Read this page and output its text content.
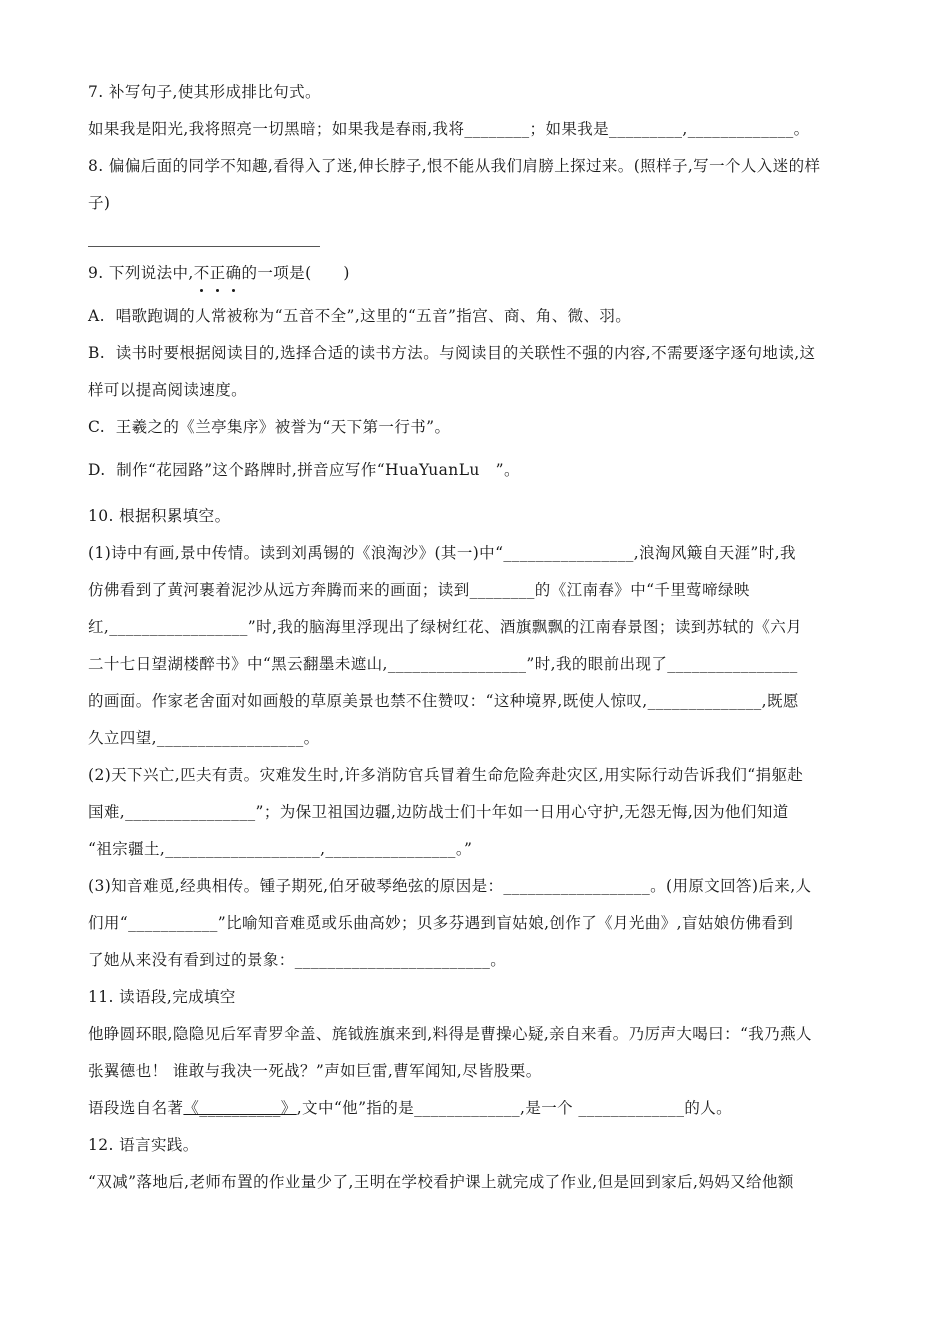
7. 补写句子,使其形成排比句式。
如果我是阳光,我将照亮一切黑暗；如果我是春雨,我将________；如果我是_________,_____________。
8. 偏偏后面的同学不知趣,看得入了迷,伸长脖子,恨不能从我们肩膀上探过来。(照样子,写一个人入迷的样
子)
9. 下列说法中,不正确的一项是(　　)
A.  唱歌跑调的人常被称为“五音不全”,这里的“五音”指宫、商、角、微、羽。
B.  读书时要根据阅读目的,选择合适的读书方法。与阅读目的关联性不强的内容,不需要逐字逐句地读,这
样可以提高阅读速度。
C.  王羲之的《兰亭集序》被誉为“天下第一行书”。
D.  制作“花园路”这个路牌时,拼音应写作“HuaYuanLu　”。
10. 根据积累填空。
(1)诗中有画,景中传情。读到刘禹锡的《浪淘沙》(其一)中“________________,浪淘风簸自天涯”时,我
仿佛看到了黄河裹着泥沙从远方奔腾而来的画面；读到________的《江南春》中“千里莺啼绿映
红,_________________”时,我的脑海里浮现出了绿树红花、酒旗飘飘的江南春景图；读到苏轼的《六月
二十七日望湖楼醉书》中“黑云翻墨未遮山,_________________”时,我的眼前出现了________________
的画面。作家老舍面对如画般的草原美景也禁不住赞叹：“这种境界,既使人惊叹,______________,既愿
久立四望,__________________。
(2)天下兴亡,匹夫有责。灾难发生时,许多消防官兵冒着生命危险奔赴灾区,用实际行动告诉我们“捐躯赴
国难,________________”；为保卫祖国边疆,边防战士们十年如一日用心守护,无怨无悔,因为他们知道
“祖宗疆土,___________________,________________。”
(3)知音难觅,经典相传。锺子期死,伯牙破琴绝弦的原因是：__________________。(用原文回答)后来,人
们用“___________”比喻知音难觅或乐曲高妙；贝多芬遇到盲姑娘,创作了《月光曲》,盲姑娘仿佛看到
了她从来没有看到过的景象：________________________。
11. 读语段,完成填空
他睁圆环眼,隐隐见后军青罗伞盖、旄钺旌旗来到,料得是曹操心疑,亲自来看。乃厉声大喝曰：“我乃燕人
张翼德也！ 谁敢与我决一死战？”声如巨雷,曹军闻知,尽皆股栗。
语段选自名著《__________》,文中“他”指的是_____________,是一个 _____________的人。
12. 语言实践。
“双减”落地后,老师布置的作业量少了,王明在学校看护课上就完成了作业,但是回到家后,妈妈又给他额
